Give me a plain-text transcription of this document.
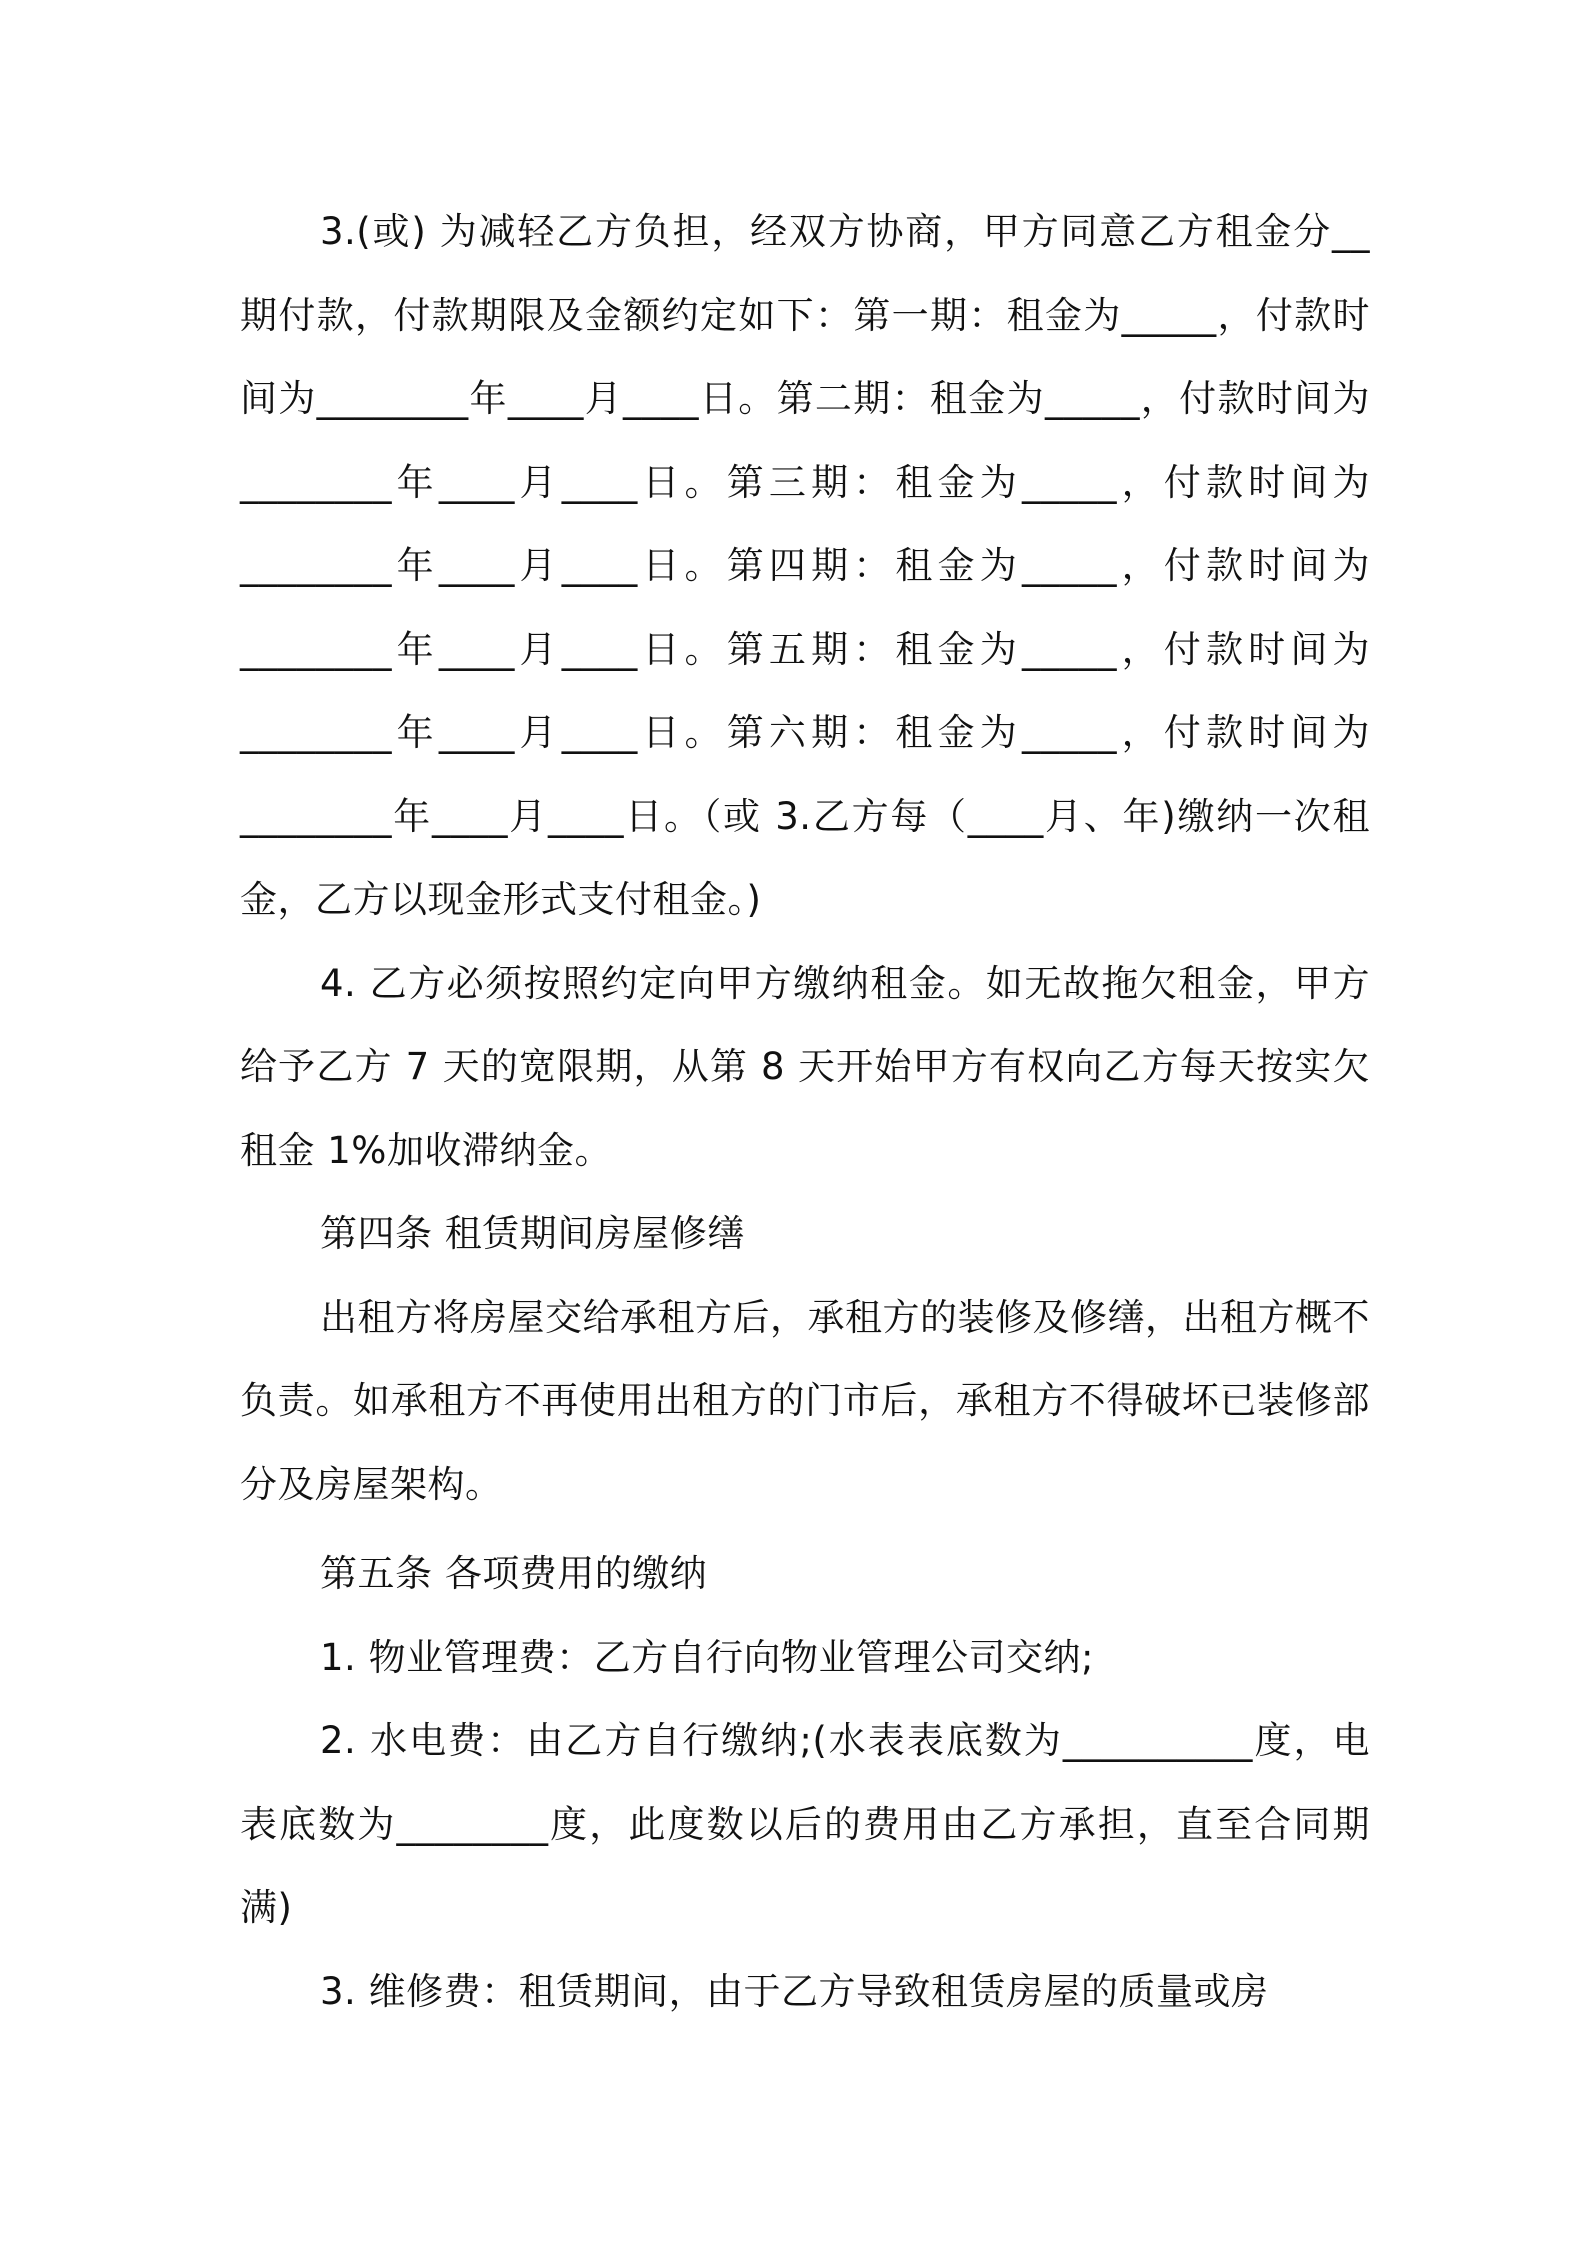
3.(或) 为减轻乙方负担，经双方协商，甲方同意乙方租金分__期付款，付款期限及金额约定如下：第一期：租金为_____，付款时间为________年____月____日。第二期：租金为_____，付款时间为________年____月____日。第三期：租金为_____，付款时间为________年____月____日。第四期：租金为_____，付款时间为________年____月____日。第五期：租金为_____，付款时间为________年____月____日。第六期：租金为_____，付款时间为________年____月____日。（或 3.乙方每（____月、年)缴纳一次租金，乙方以现金形式支付租金。)

4. 乙方必须按照约定向甲方缴纳租金。如无故拖欠租金，甲方给予乙方 7 天的宽限期，从第 8 天开始甲方有权向乙方每天按实欠租金 1%加收滞纳金。

第四条 租赁期间房屋修缮

出租方将房屋交给承租方后，承租方的装修及修缮，出租方概不负责。如承租方不再使用出租方的门市后，承租方不得破坏已装修部分及房屋架构。

第五条 各项费用的缴纳

1. 物业管理费：乙方自行向物业管理公司交纳;

2. 水电费：由乙方自行缴纳;(水表表底数为__________度，电表底数为________度，此度数以后的费用由乙方承担，直至合同期满)

3. 维修费：租赁期间，由于乙方导致租赁房屋的质量或房
